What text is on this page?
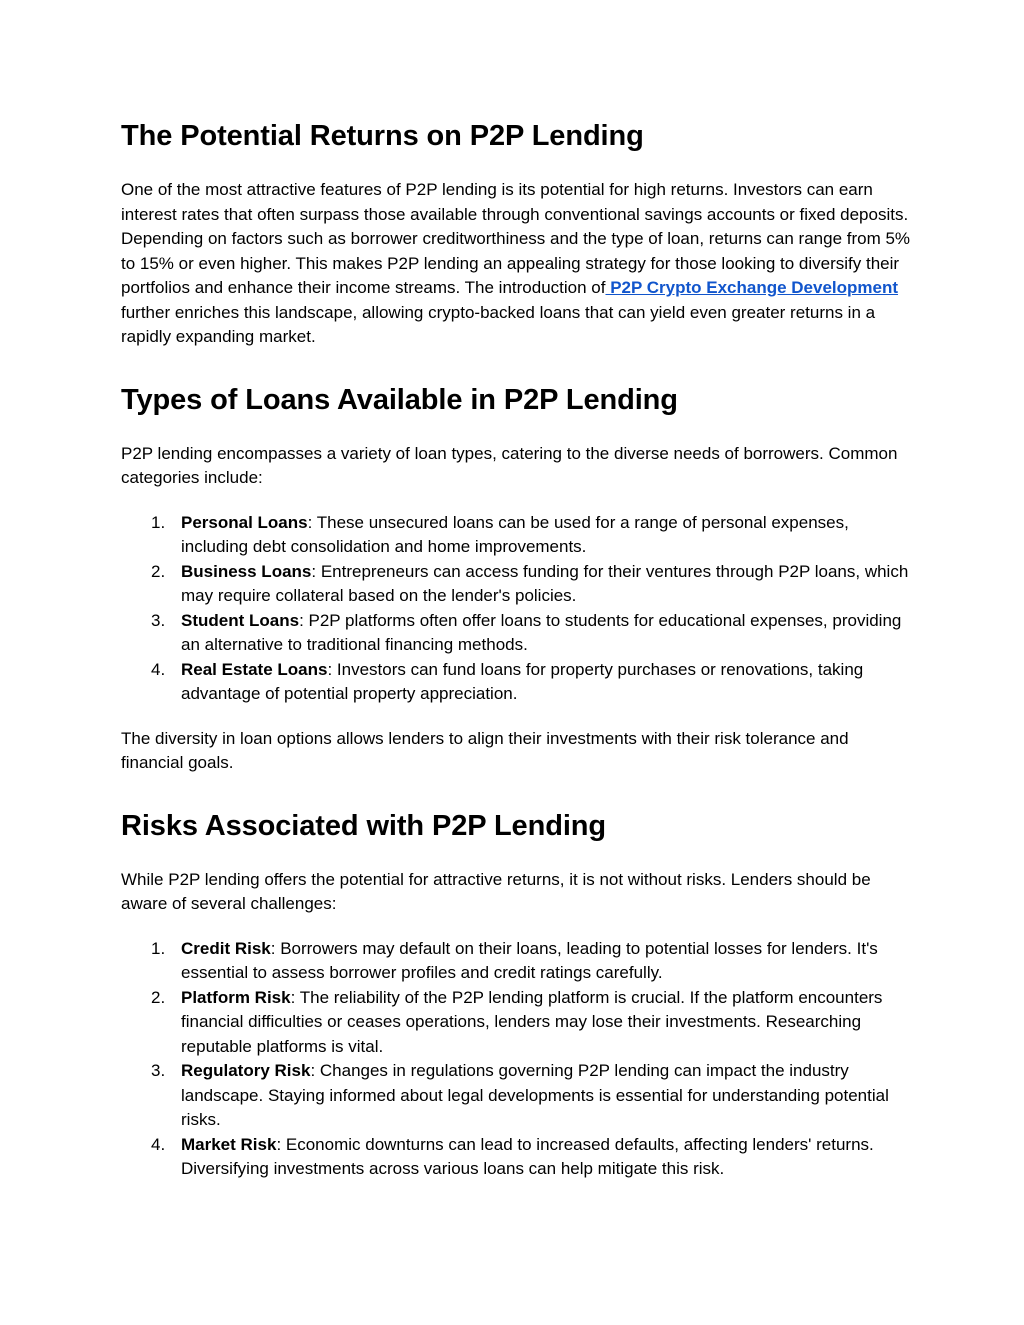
The Potential Returns on P2P Lending

One of the most attractive features of P2P lending is its potential for high returns. Investors can earn interest rates that often surpass those available through conventional savings accounts or fixed deposits. Depending on factors such as borrower creditworthiness and the type of loan, returns can range from 5% to 15% or even higher. This makes P2P lending an appealing strategy for those looking to diversify their portfolios and enhance their income streams. The introduction of P2P Crypto Exchange Development further enriches this landscape, allowing crypto-backed loans that can yield even greater returns in a rapidly expanding market.

Types of Loans Available in P2P Lending

P2P lending encompasses a variety of loan types, catering to the diverse needs of borrowers. Common categories include:

1. Personal Loans: These unsecured loans can be used for a range of personal expenses, including debt consolidation and home improvements.
2. Business Loans: Entrepreneurs can access funding for their ventures through P2P loans, which may require collateral based on the lender's policies.
3. Student Loans: P2P platforms often offer loans to students for educational expenses, providing an alternative to traditional financing methods.
4. Real Estate Loans: Investors can fund loans for property purchases or renovations, taking advantage of potential property appreciation.

The diversity in loan options allows lenders to align their investments with their risk tolerance and financial goals.

Risks Associated with P2P Lending

While P2P lending offers the potential for attractive returns, it is not without risks. Lenders should be aware of several challenges:

1. Credit Risk: Borrowers may default on their loans, leading to potential losses for lenders. It's essential to assess borrower profiles and credit ratings carefully.
2. Platform Risk: The reliability of the P2P lending platform is crucial. If the platform encounters financial difficulties or ceases operations, lenders may lose their investments. Researching reputable platforms is vital.
3. Regulatory Risk: Changes in regulations governing P2P lending can impact the industry landscape. Staying informed about legal developments is essential for understanding potential risks.
4. Market Risk: Economic downturns can lead to increased defaults, affecting lenders' returns. Diversifying investments across various loans can help mitigate this risk.
